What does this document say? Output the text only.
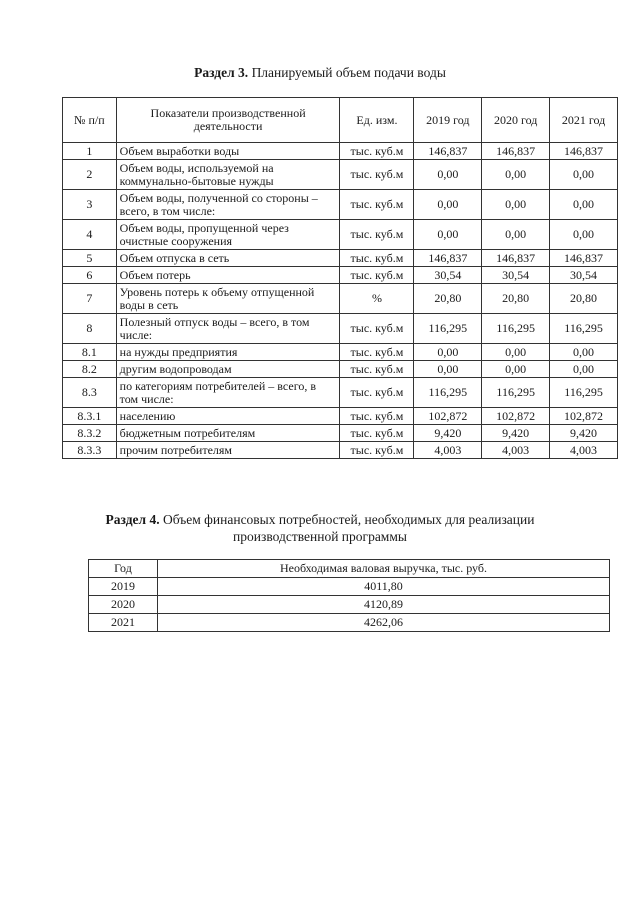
Раздел 3. Планируемый объем подачи воды
№ п/п	Показатели производственной деятельности	Ед. изм.	2019 год	2020 год	2021 год
1	Объем выработки воды	тыс. куб.м	146,837	146,837	146,837
2	Объем воды, используемой на коммунально-бытовые нужды	тыс. куб.м	0,00	0,00	0,00
3	Объем воды, полученной со стороны – всего, в том числе:	тыс. куб.м	0,00	0,00	0,00
4	Объем воды, пропущенной через очистные сооружения	тыс. куб.м	0,00	0,00	0,00
5	Объем отпуска в сеть	тыс. куб.м	146,837	146,837	146,837
6	Объем потерь	тыс. куб.м	30,54	30,54	30,54
7	Уровень потерь к объему отпущенной воды в сеть	%	20,80	20,80	20,80
8	Полезный отпуск воды – всего, в том числе:	тыс. куб.м	116,295	116,295	116,295
8.1	на нужды предприятия	тыс. куб.м	0,00	0,00	0,00
8.2	другим водопроводам	тыс. куб.м	0,00	0,00	0,00
8.3	по категориям потребителей – всего, в том числе:	тыс. куб.м	116,295	116,295	116,295
8.3.1	населению	тыс. куб.м	102,872	102,872	102,872
8.3.2	бюджетным потребителям	тыс. куб.м	9,420	9,420	9,420
8.3.3	прочим потребителям	тыс. куб.м	4,003	4,003	4,003
Раздел 4. Объем финансовых потребностей, необходимых для реализации
производственной программы
Год	Необходимая валовая выручка, тыс. руб.
2019	4011,80
2020	4120,89
2021	4262,06
